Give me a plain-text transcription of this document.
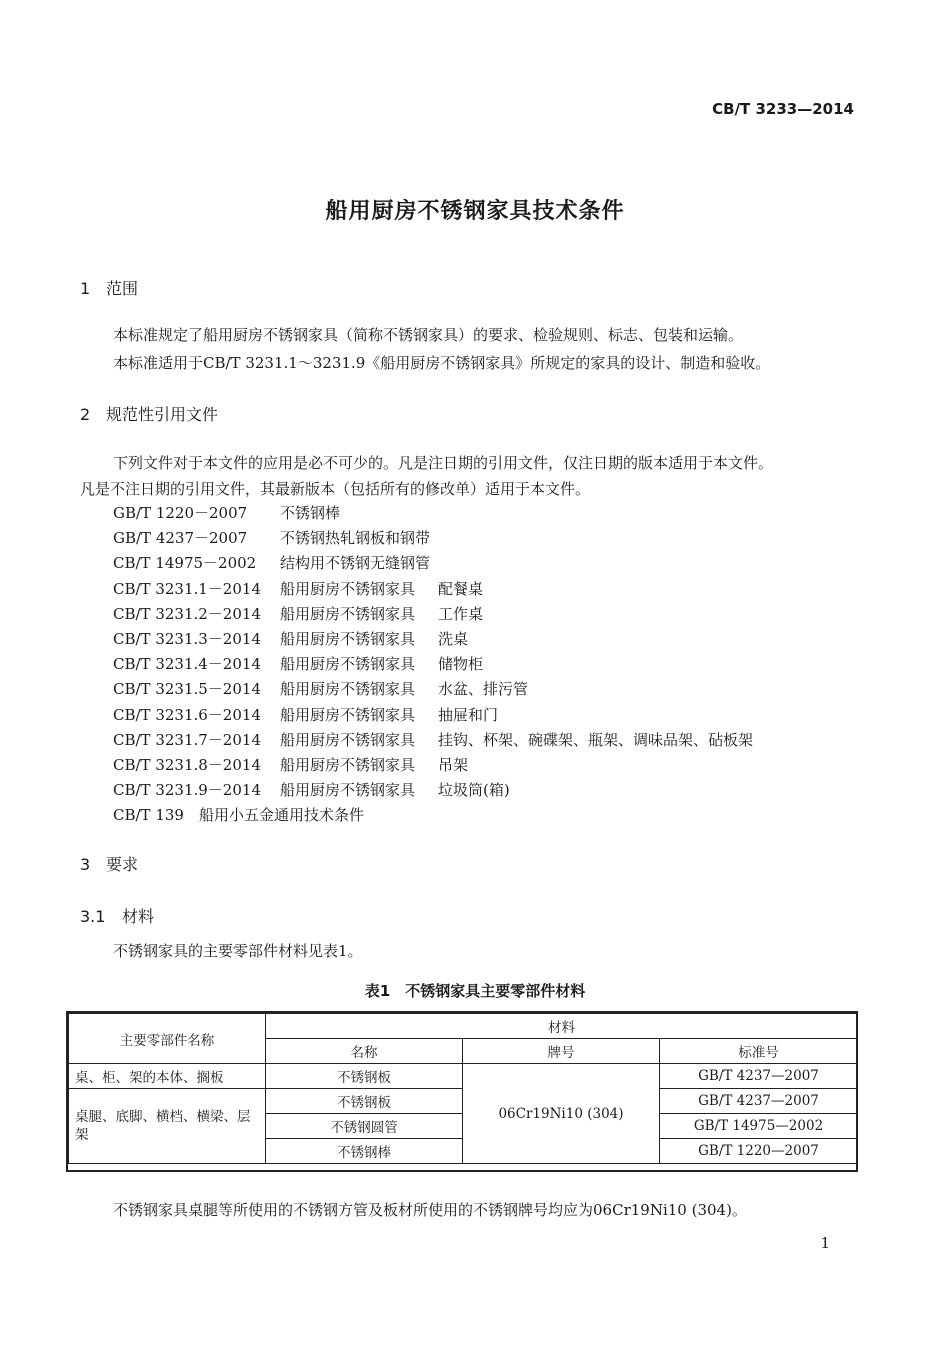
CB/T 3233—2014
船用厨房不锈钢家具技术条件
1 范围
本标准规定了船用厨房不锈钢家具（简称不锈钢家具）的要求、检验规则、标志、包装和运输。
本标准适用于CB/T 3231.1～3231.9《船用厨房不锈钢家具》所规定的家具的设计、制造和验收。
2 规范性引用文件
下列文件对于本文件的应用是必不可少的。凡是注日期的引用文件，仅注日期的版本适用于本文件。
凡是不注日期的引用文件，其最新版本（包括所有的修改单）适用于本文件。
GB/T 1220－2007 不锈钢棒
GB/T 4237－2007 不锈钢热轧钢板和钢带
CB/T 14975－2002 结构用不锈钢无缝钢管
CB/T 3231.1－2014 船用厨房不锈钢家具 配餐桌
CB/T 3231.2－2014 船用厨房不锈钢家具 工作桌
CB/T 3231.3－2014 船用厨房不锈钢家具 洗桌
CB/T 3231.4－2014 船用厨房不锈钢家具 储物柜
CB/T 3231.5－2014 船用厨房不锈钢家具 水盆、排污管
CB/T 3231.6－2014 船用厨房不锈钢家具 抽屉和门
CB/T 3231.7－2014 船用厨房不锈钢家具 挂钩、杯架、碗碟架、瓶架、调味品架、砧板架
CB/T 3231.8－2014 船用厨房不锈钢家具 吊架
CB/T 3231.9－2014 船用厨房不锈钢家具 垃圾筒(箱)
CB/T 139 船用小五金通用技术条件
3 要求
3.1 材料
不锈钢家具的主要零部件材料见表1。
表1　不锈钢家具主要零部件材料
主要零部件名称	材料		
	名称	牌号	标准号
桌、柜、架的本体、搁板	不锈钢板	06Cr19Ni10 (304)	GB/T 4237—2007
桌腿、底脚、横档、横梁、层架	不锈钢板		GB/T 4237—2007
	不锈钢圆管		GB/T 14975—2002
	不锈钢棒		GB/T 1220—2007
不锈钢家具桌腿等所使用的不锈钢方管及板材所使用的不锈钢牌号均应为06Cr19Ni10 (304)。
1
